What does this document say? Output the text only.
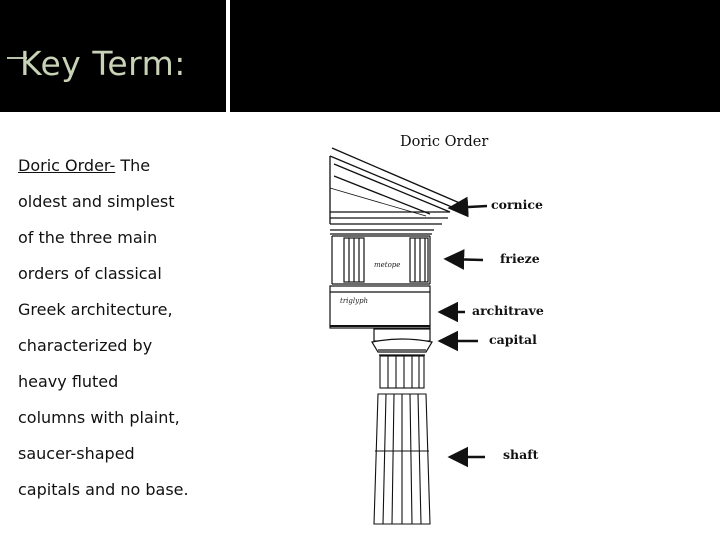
Key Term:
Doric Order- The
oldest and simplest
of the three main
orders of classical
Greek architecture,
characterized by
heavy fluted
columns with plaint,
saucer-shaped
capitals and no base.
Doric Order
metope
triglyph
cornice
frieze
architrave
capital
shaft
